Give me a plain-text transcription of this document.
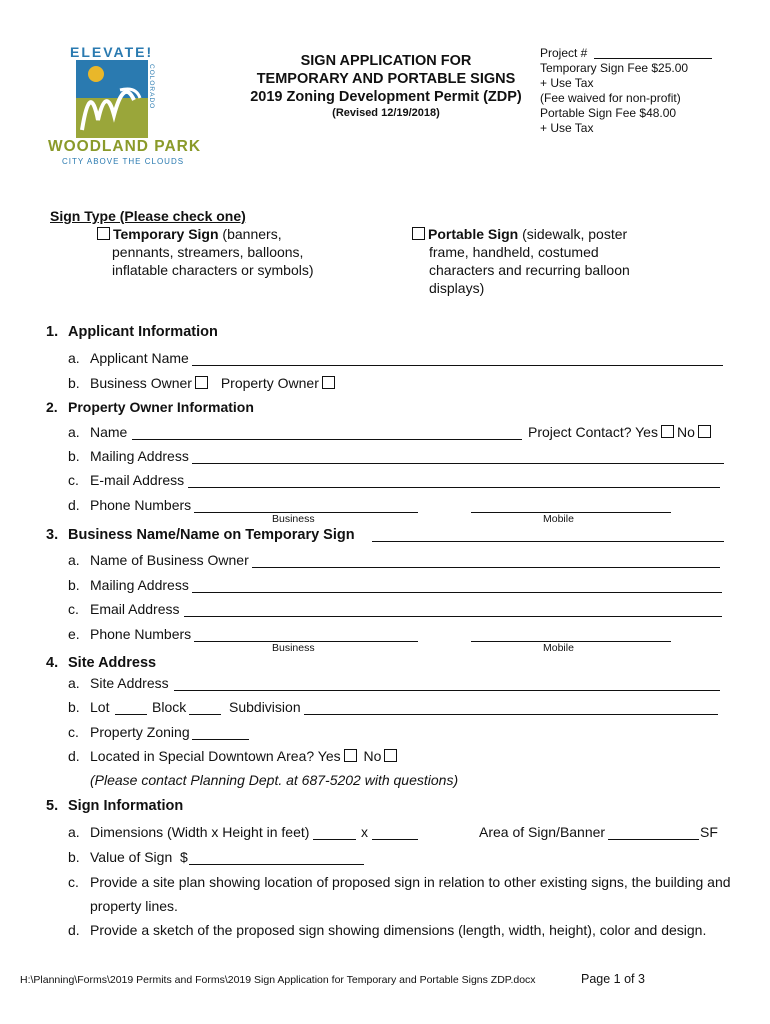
ELEVATE!
COLORADO
WOODLAND PARK
CITY ABOVE THE CLOUDS
SIGN APPLICATION FOR
TEMPORARY AND PORTABLE SIGNS
2019 Zoning Development Permit (ZDP)
(Revised 12/19/2018)
Project #
Temporary Sign Fee $25.00
+ Use Tax
(Fee waived for non-profit)
Portable Sign Fee $48.00
+ Use Tax
Sign Type (Please check one)
Temporary Sign (banners,
pennants, streamers, balloons,
inflatable characters or symbols)
Portable Sign (sidewalk, poster
frame, handheld, costumed
characters and recurring balloon
displays)
1. Applicant Information
a. Applicant Name
b. Business Owner Property Owner
2. Property Owner Information
a. Name	Project Contact? Yes No
b. Mailing Address
c. E-mail Address
d. Phone Numbers
Business	Mobile
3. Business Name/Name on Temporary Sign
a. Name of Business Owner
b. Mailing Address
c. Email Address
e. Phone Numbers
Business	Mobile
4. Site Address
a. Site Address
b. Lot	Block	Subdivision
c. Property Zoning
d. Located in Special Downtown Area? Yes No
(Please contact Planning Dept. at 687-5202 with questions)
5. Sign Information
a. Dimensions (Width x Height in feet)	x	Area of Sign/Banner	SF
b. Value of Sign  $
c. Provide a site plan showing location of proposed sign in relation to other existing signs, the building and
property lines.
d. Provide a sketch of the proposed sign showing dimensions (length, width, height), color and design.
H:\Planning\Forms\2019 Permits and Forms\2019 Sign Application for Temporary and Portable Signs ZDP.docx	Page 1 of 3
